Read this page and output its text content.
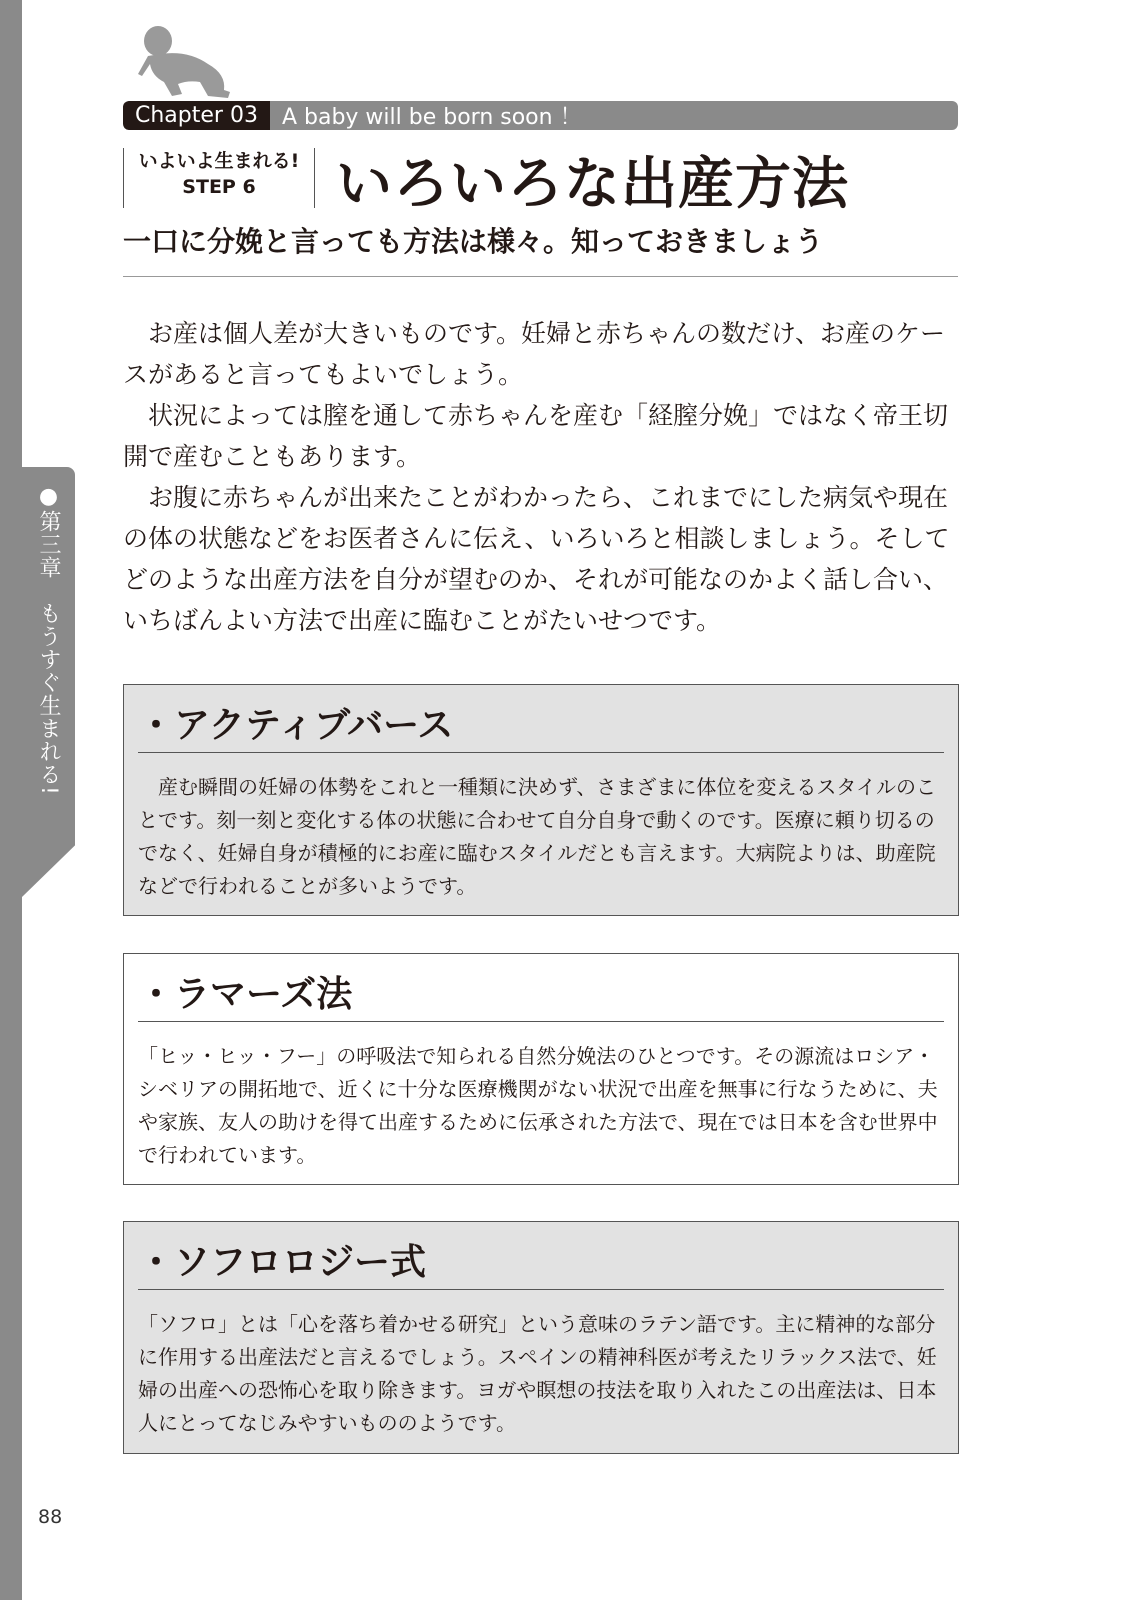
●第三章　もうすぐ生まれる!
88
Chapter 03	A baby will be born soon ！
いよいよ生まれる!
STEP 6	いろいろな出産方法
一口に分娩と言っても方法は様々。知っておきましょう

お産は個人差が大きいものです。妊婦と赤ちゃんの数だけ、お産のケースがあると言ってもよいでしょう。

状況によっては膣を通して赤ちゃんを産む「経膣分娩」ではなく帝王切開で産むこともあります。

お腹に赤ちゃんが出来たことがわかったら、これまでにした病気や現在の体の状態などをお医者さんに伝え、いろいろと相談しましょう。そしてどのような出産方法を自分が望むのか、それが可能なのかよく話し合い、いちばんよい方法で出産に臨むことがたいせつです。

・アクティブバース

産む瞬間の妊婦の体勢をこれと一種類に決めず、さまざまに体位を変えるスタイルのことです。刻一刻と変化する体の状態に合わせて自分自身で動くのです。医療に頼り切るのでなく、妊婦自身が積極的にお産に臨むスタイルだとも言えます。大病院よりは、助産院などで行われることが多いようです。

・ラマーズ法

「ヒッ・ヒッ・フー」の呼吸法で知られる自然分娩法のひとつです。その源流はロシア・シベリアの開拓地で、近くに十分な医療機関がない状況で出産を無事に行なうために、夫や家族、友人の助けを得て出産するために伝承された方法で、現在では日本を含む世界中で行われています。

・ソフロロジー式

「ソフロ」とは「心を落ち着かせる研究」という意味のラテン語です。主に精神的な部分に作用する出産法だと言えるでしょう。スペインの精神科医が考えたリラックス法で、妊婦の出産への恐怖心を取り除きます。ヨガや瞑想の技法を取り入れたこの出産法は、日本人にとってなじみやすいもののようです。
